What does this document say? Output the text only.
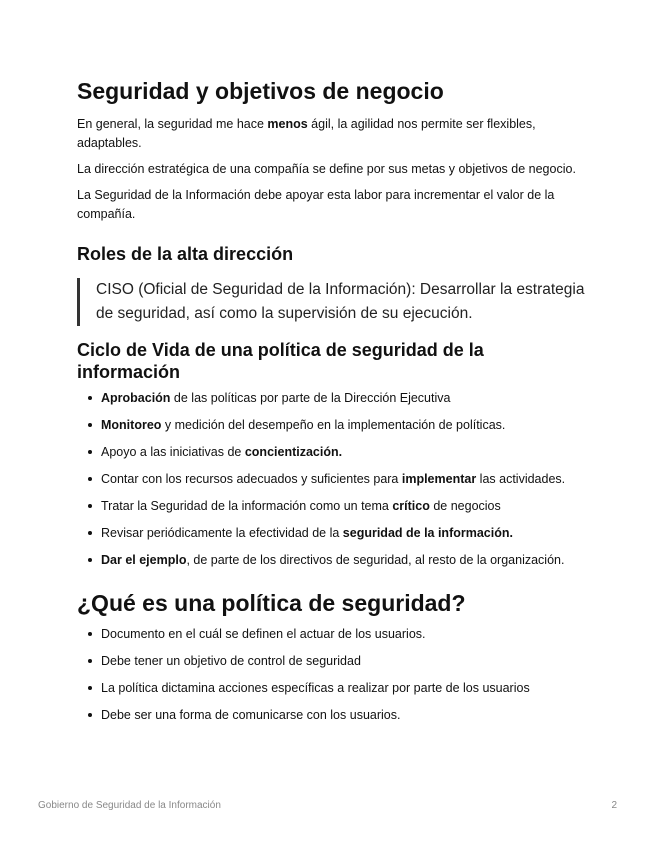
Seguridad y objetivos de negocio

En general, la seguridad me hace menos ágil, la agilidad nos permite ser flexibles, adaptables.

La dirección estratégica de una compañía se define por sus metas y objetivos de negocio.

La Seguridad de la Información debe apoyar esta labor para incrementar el valor de la compañía.

Roles de la alta dirección
CISO (Oficial de Seguridad de la Información): Desarrollar la estrategia de seguridad, así como la supervisión de su ejecución.
Ciclo de Vida de una política de seguridad de la información
Aprobación de las políticas por parte de la Dirección Ejecutiva
Monitoreo y medición del desempeño en la implementación de políticas.
Apoyo a las iniciativas de concientización.
Contar con los recursos adecuados y suficientes para implementar las actividades.
Tratar la Seguridad de la información como un tema crítico de negocios
Revisar periódicamente la efectividad de la seguridad de la información.
Dar el ejemplo, de parte de los directivos de seguridad, al resto de la organización.
¿Qué es una política de seguridad?
Documento en el cuál se definen el actuar de los usuarios.
Debe tener un objetivo de control de seguridad
La política dictamina acciones específicas a realizar por parte de los usuarios
Debe ser una forma de comunicarse con los usuarios.
Gobierno de Seguridad de la Información	2
